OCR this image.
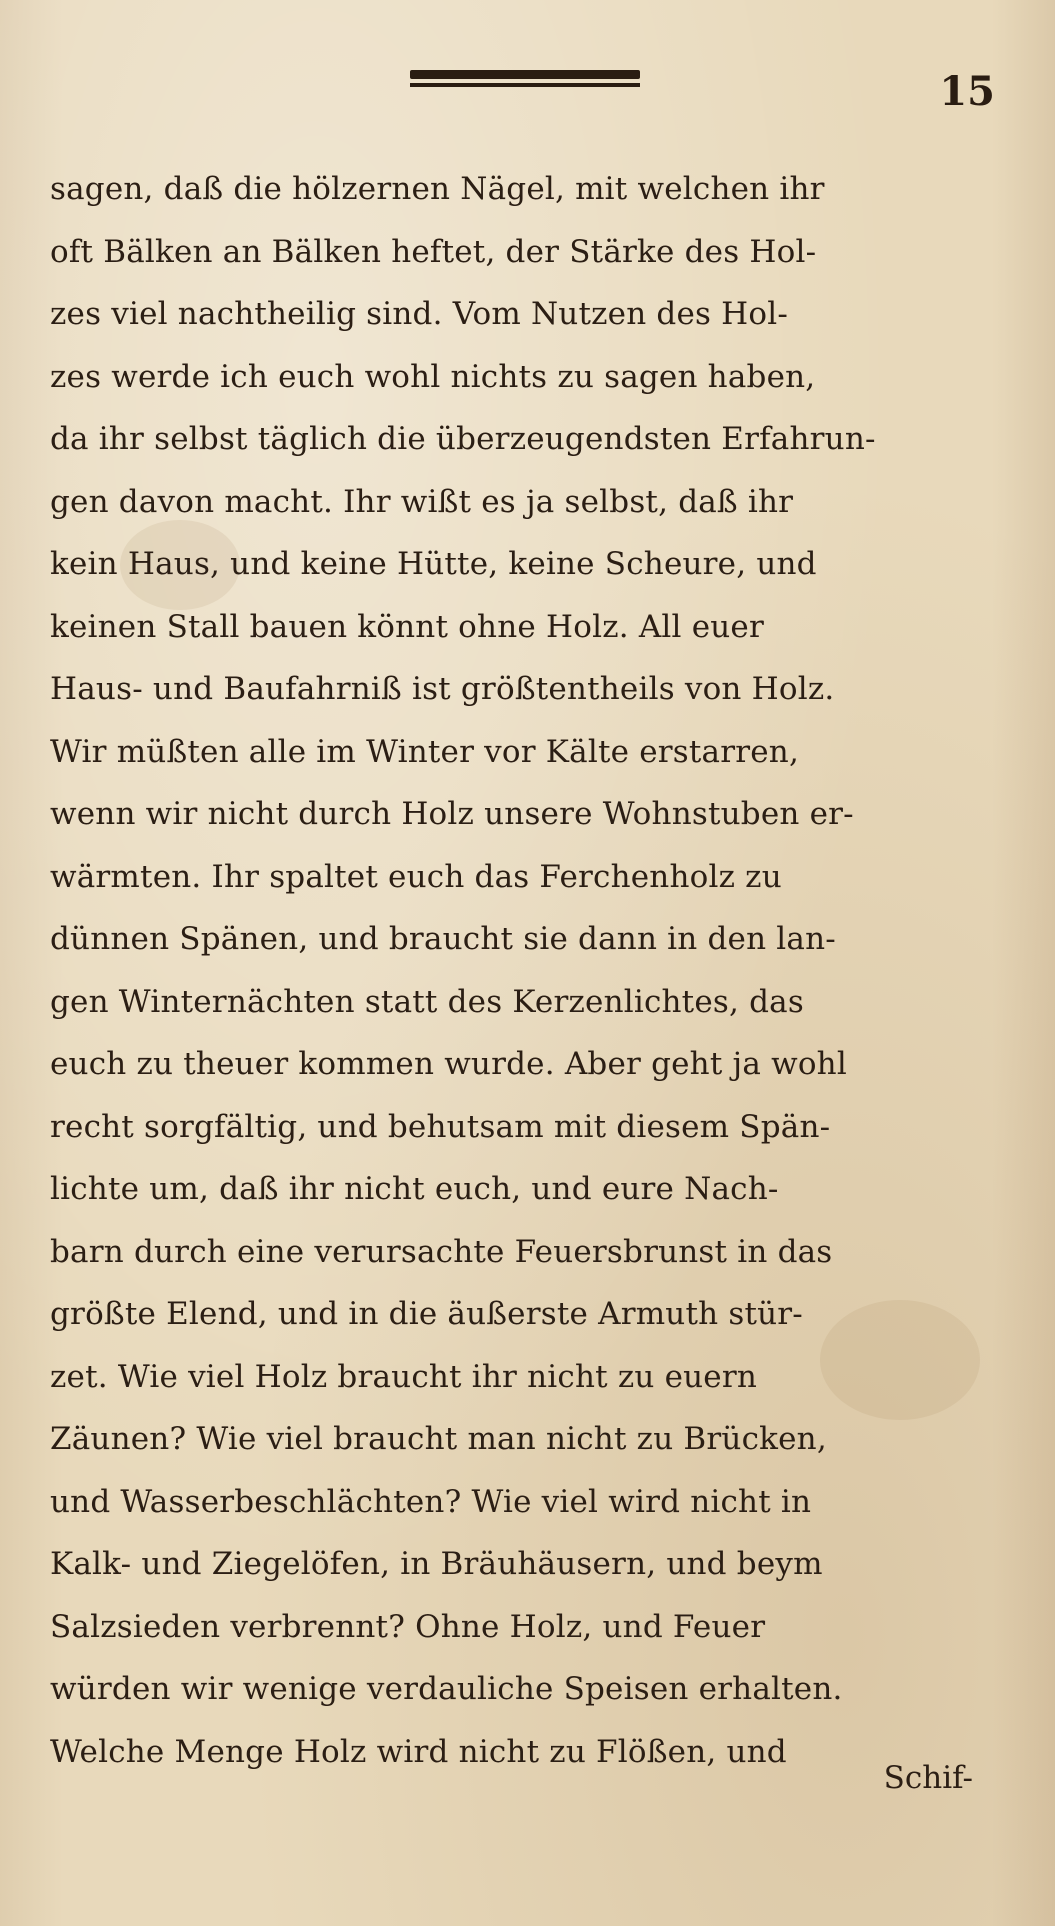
15
sagen, daß die hölzernen Nägel, mit welchen ihr
oft Bälken an Bälken heftet, der Stärke des Hol-
zes viel nachtheilig sind. Vom Nutzen des Hol-
zes werde ich euch wohl nichts zu sagen haben,
da ihr selbst täglich die überzeugendsten Erfahrun-
gen davon macht. Ihr wißt es ja selbst, daß ihr
kein Haus, und keine Hütte, keine Scheure, und
keinen Stall bauen könnt ohne Holz. All euer
Haus- und Baufahrniß ist größtentheils von Holz.
Wir müßten alle im Winter vor Kälte erstarren,
wenn wir nicht durch Holz unsere Wohnstuben er-
wärmten. Ihr spaltet euch das Ferchenholz zu
dünnen Spänen, und braucht sie dann in den lan-
gen Winternächten statt des Kerzenlichtes, das
euch zu theuer kommen wurde. Aber geht ja wohl
recht sorgfältig, und behutsam mit diesem Spän-
lichte um, daß ihr nicht euch, und eure Nach-
barn durch eine verursachte Feuersbrunst in das
größte Elend, und in die äußerste Armuth stür-
zet. Wie viel Holz braucht ihr nicht zu euern
Zäunen? Wie viel braucht man nicht zu Brücken,
und Wasserbeschlächten? Wie viel wird nicht in
Kalk- und Ziegelöfen, in Bräuhäusern, und beym
Salzsieden verbrennt? Ohne Holz, und Feuer
würden wir wenige verdauliche Speisen erhalten.
Welche Menge Holz wird nicht zu Flößen, und
Schif-
